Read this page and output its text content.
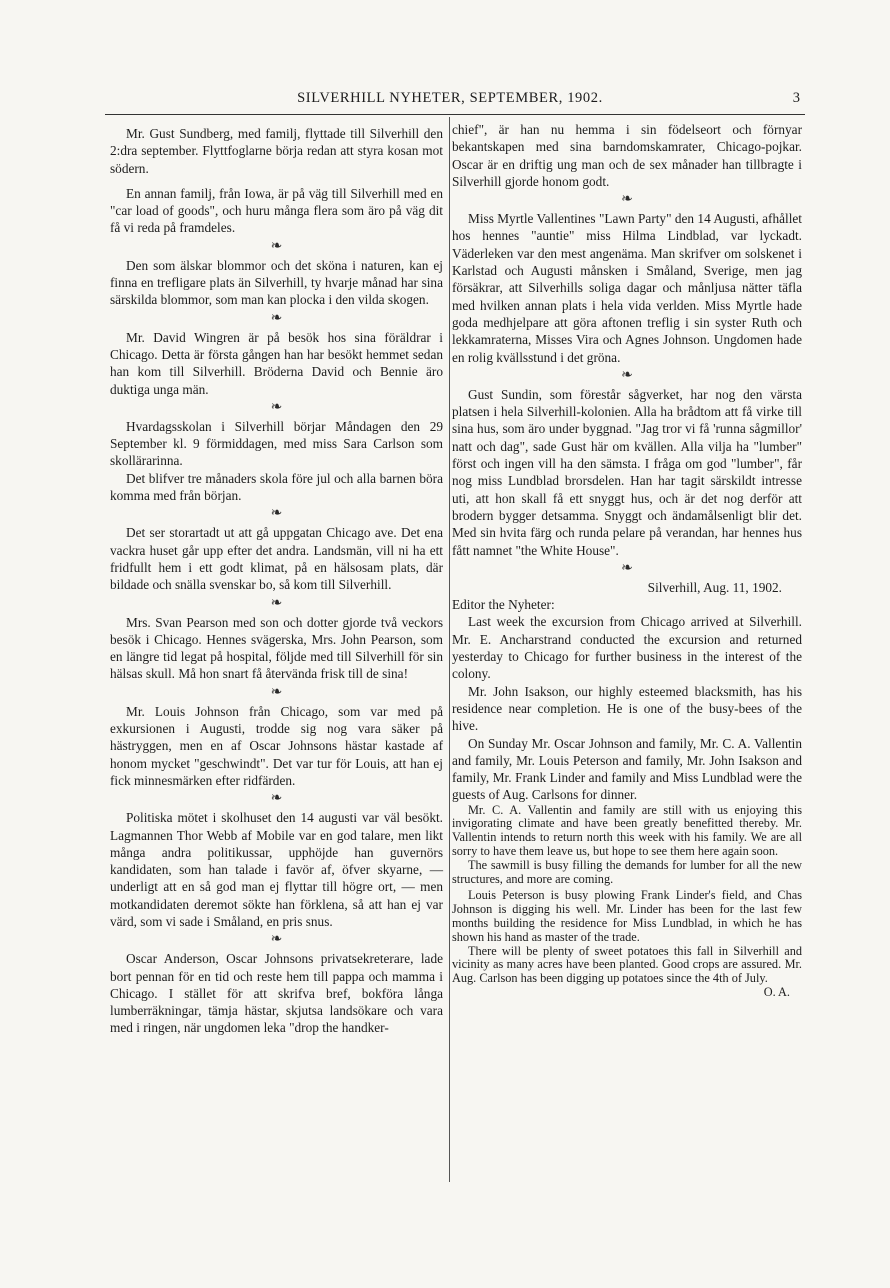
SILVERHILL NYHETER, SEPTEMBER, 1902.	3

Mr. Gust Sundberg, med familj, flyttade till Silverhill den 2:dra september. Flyttfoglarne börja redan att styra kosan mot södern.

En annan familj, från Iowa, är på väg till Silverhill med en "car load of goods", och huru många flera som äro på väg dit få vi reda på framdeles.

❧

Den som älskar blommor och det sköna i naturen, kan ej finna en trefligare plats än Silverhill, ty hvarje månad har sina särskilda blommor, som man kan plocka i den vilda skogen.

❧

Mr. David Wingren är på besök hos sina föräldrar i Chicago. Detta är första gången han har besökt hemmet sedan han kom till Silverhill. Bröderna David och Bennie äro duktiga unga män.

❧

Hvardagsskolan i Silverhill börjar Måndagen den 29 September kl. 9 förmiddagen, med miss Sara Carlson som skollärarinna.

Det blifver tre månaders skola före jul och alla barnen böra komma med från början.

❧

Det ser storartadt ut att gå uppgatan Chicago ave. Det ena vackra huset går upp efter det andra. Landsmän, vill ni ha ett fridfullt hem i ett godt klimat, på en hälsosam plats, där bildade och snälla svenskar bo, så kom till Silverhill.

❧

Mrs. Svan Pearson med son och dotter gjorde två veckors besök i Chicago. Hennes svägerska, Mrs. John Pearson, som en längre tid legat på hospital, följde med till Silverhill för sin hälsas skull. Må hon snart få återvända frisk till de sina!

❧

Mr. Louis Johnson från Chicago, som var med på exkursionen i Augusti, trodde sig nog vara säker på hästryggen, men en af Oscar Johnsons hästar kastade af honom mycket "geschwindt". Det var tur för Louis, att han ej fick minnesmärken efter ridfärden.

❧

Politiska mötet i skolhuset den 14 augusti var väl besökt. Lagmannen Thor Webb af Mobile var en god talare, men likt många andra politikussar, upphöjde han guvernörs kandidaten, som han talade i favör af, öfver skyarne, — underligt att en så god man ej flyttar till högre ort, — men motkandidaten deremot sökte han förklena, så att han ej var värd, som vi sade i Småland, en pris snus.

❧

Oscar Anderson, Oscar Johnsons privatsekreterare, lade bort pennan för en tid och reste hem till pappa och mamma i Chicago. I stället för att skrifva bref, bokföra långa lumberräkningar, tämja hästar, skjutsa landsökare och vara med i ringen, när ungdomen leka "drop the handker-

chief", är han nu hemma i sin födelseort och förnyar bekantskapen med sina barndomskamrater, Chicago-pojkar. Oscar är en driftig ung man och de sex månader han tillbragte i Silverhill gjorde honom godt.

❧

Miss Myrtle Vallentines "Lawn Party" den 14 Augusti, afhållet hos hennes "auntie" miss Hilma Lindblad, var lyckadt. Väderleken var den mest angenäma. Man skrifver om solskenet i Karlstad och Augusti månsken i Småland, Sverige, men jag försäkrar, att Silverhills soliga dagar och månljusa nätter täfla med hvilken annan plats i hela vida verlden. Miss Myrtle hade goda medhjelpare att göra aftonen treflig i sin syster Ruth och lekkamraterna, Misses Vira och Agnes Johnson. Ungdomen hade en rolig kvällsstund i det gröna.

❧

Gust Sundin, som förestår sågverket, har nog den värsta platsen i hela Silverhill-kolonien. Alla ha brådtom att få virke till sina hus, som äro under byggnad. "Jag tror vi få 'runna sågmillor' natt och dag", sade Gust här om kvällen. Alla vilja ha "lumber" först och ingen vill ha den sämsta. I fråga om god "lumber", får nog miss Lundblad brorsdelen. Han har tagit särskildt intresse uti, att hon skall få ett snyggt hus, och är det nog derför att brodern bygger detsamma. Snyggt och ändamålsenligt blir det. Med sin hvita färg och runda pelare på verandan, har hennes hus fått namnet "the White House".

❧

Silverhill, Aug. 11, 1902.

Editor the Nyheter:

Last week the excursion from Chicago arrived at Silverhill. Mr. E. Ancharstrand conducted the excursion and returned yesterday to Chicago for further business in the interest of the colony.

Mr. John Isakson, our highly esteemed blacksmith, has his residence near completion. He is one of the busy-bees of the hive.

On Sunday Mr. Oscar Johnson and family, Mr. C. A. Vallentin and family, Mr. Louis Peterson and family, Mr. John Isakson and family, Mr. Frank Linder and family and Miss Lundblad were the guests of Aug. Carlsons for dinner.

Mr. C. A. Vallentin and family are still with us enjoying this invigorating climate and have been greatly benefitted thereby. Mr. Vallentin intends to return north this week with his family. We are all sorry to have them leave us, but hope to see them here again soon.

The sawmill is busy filling the demands for lumber for all the new structures, and more are coming.

Louis Peterson is busy plowing Frank Linder's field, and Chas Johnson is digging his well. Mr. Linder has been for the last few months building the residence for Miss Lundblad, in which he has shown his hand as master of the trade.

There will be plenty of sweet potatoes this fall in Silverhill and vicinity as many acres have been planted. Good crops are assured. Mr. Aug. Carlson has been digging up potatoes since the 4th of July.

O. A.
